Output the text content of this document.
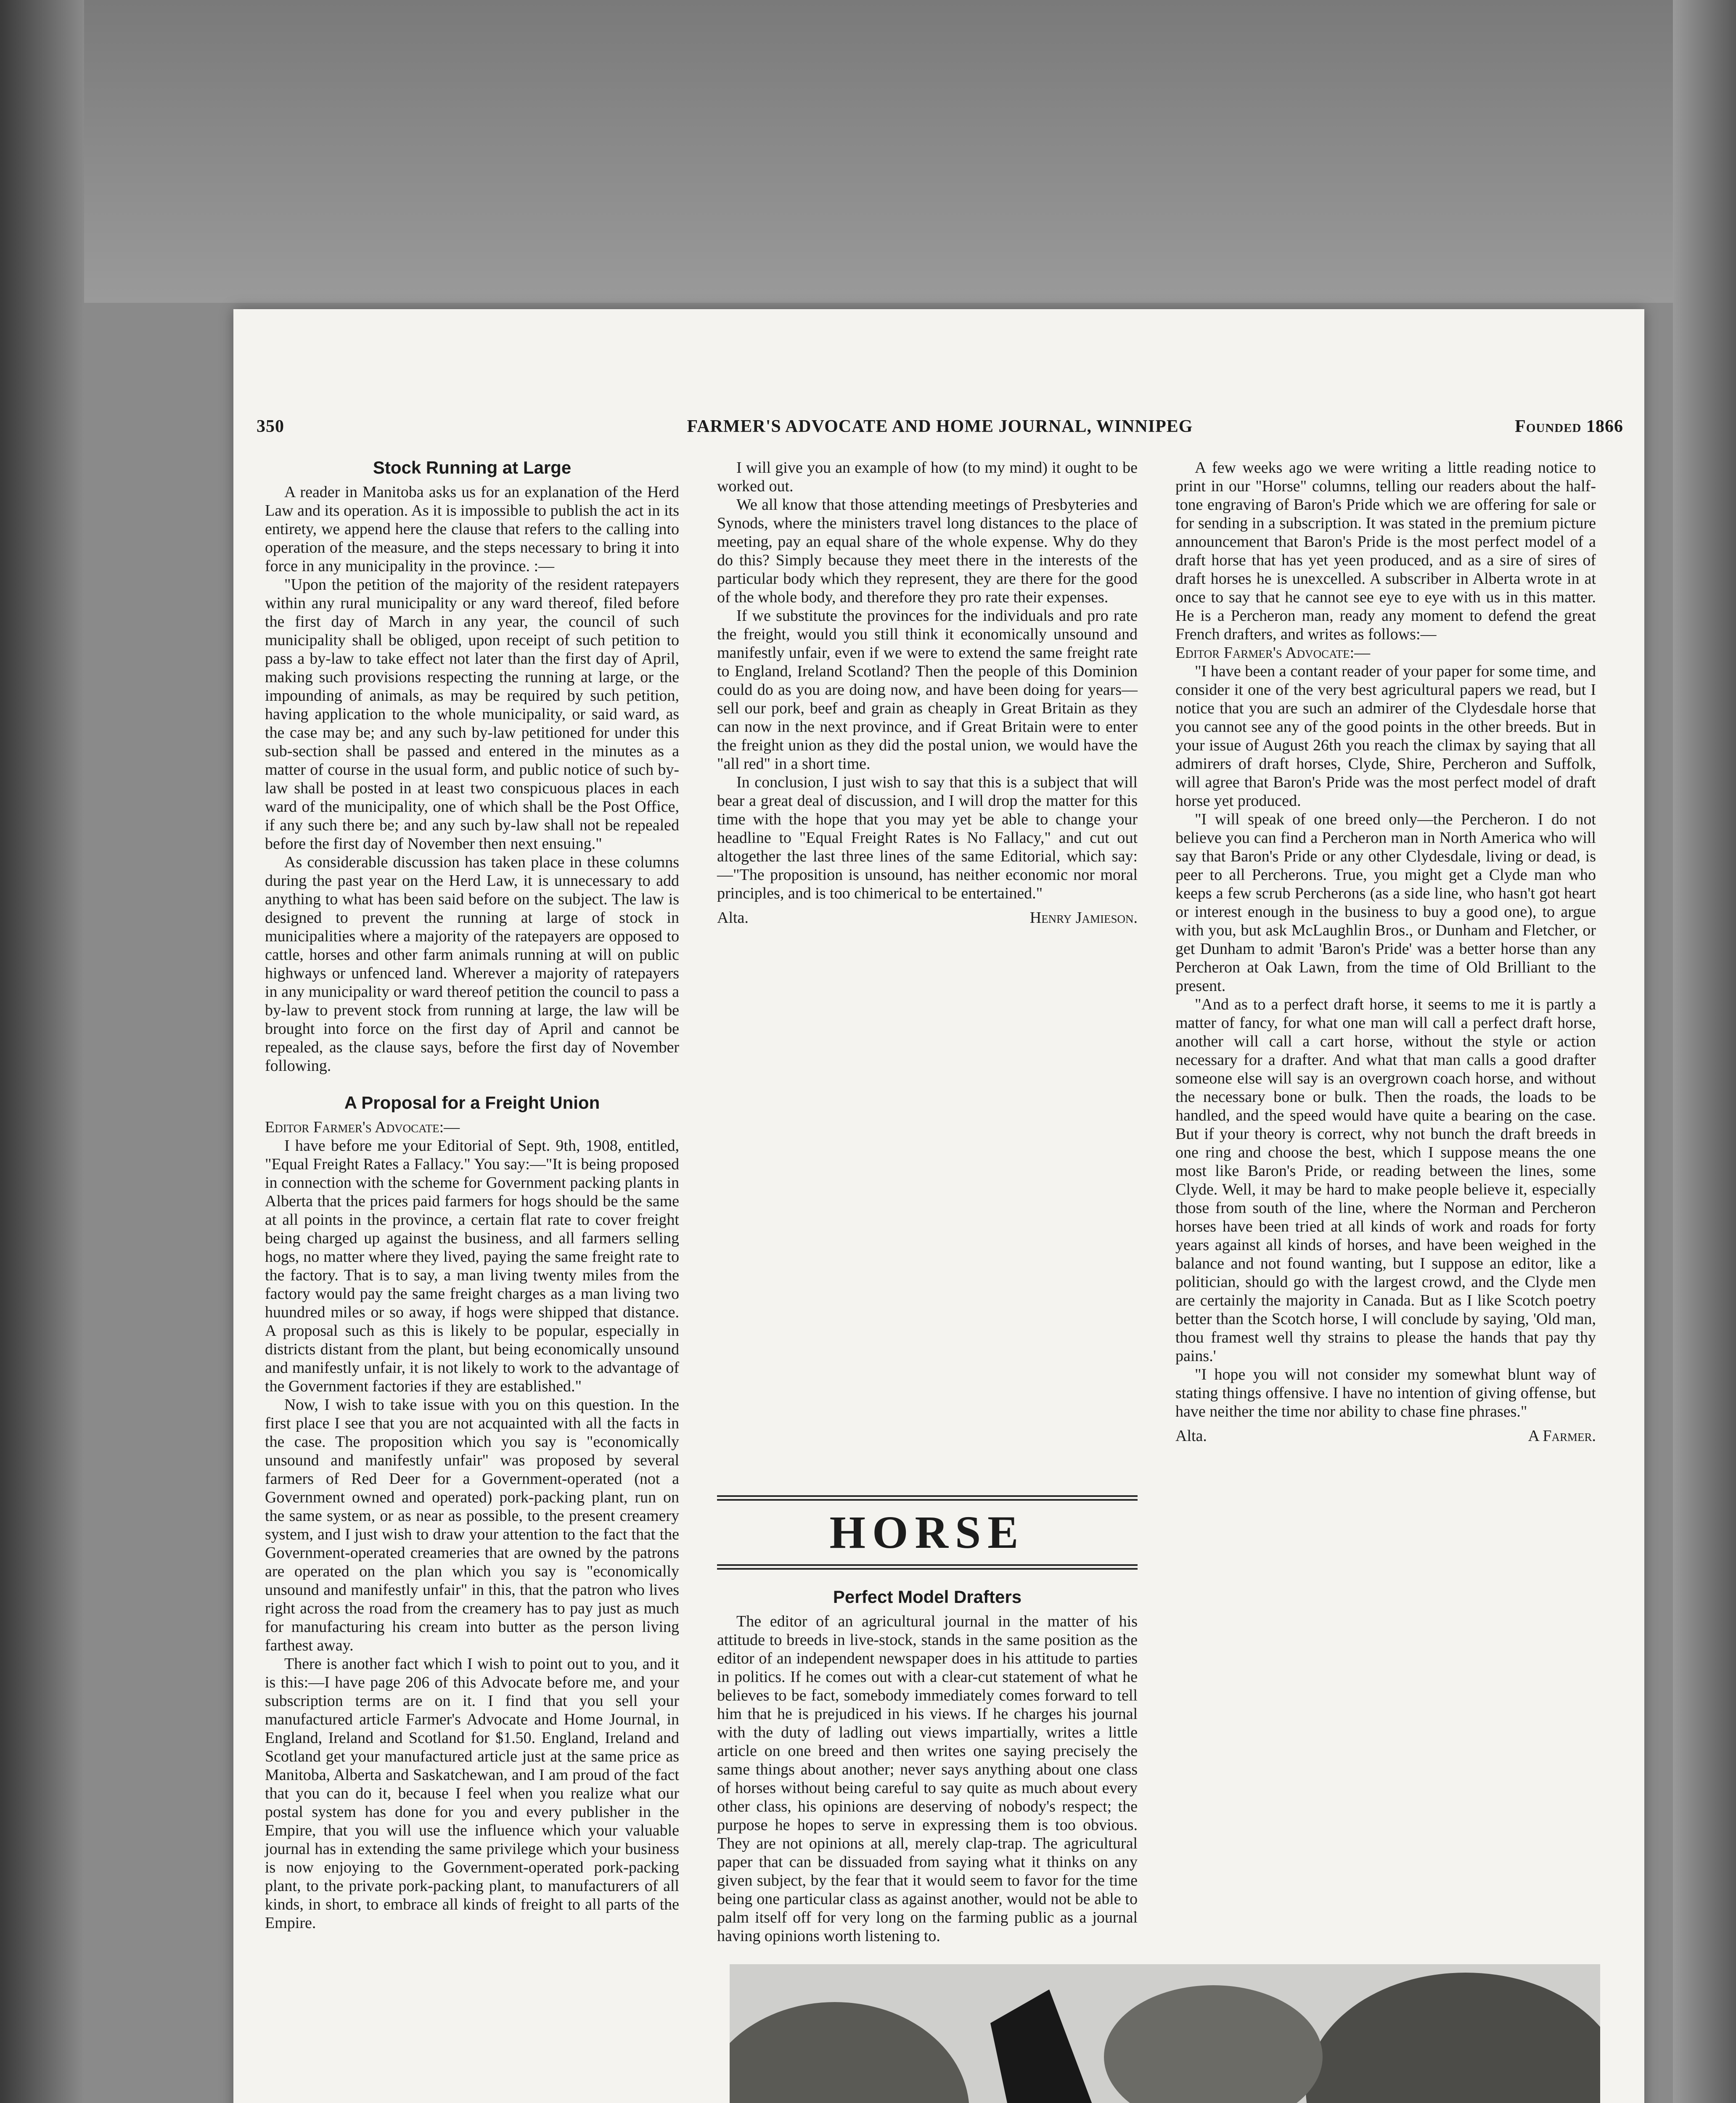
350	FARMER'S ADVOCATE AND HOME JOURNAL, WINNIPEG	Founded 1866
Stock Running at Large

A reader in Manitoba asks us for an explanation of the Herd Law and its operation. As it is impossible to publish the act in its entirety, we append here the clause that refers to the calling into operation of the measure, and the steps necessary to bring it into force in any municipality in the province. :—

"Upon the petition of the majority of the resident ratepayers within any rural municipality or any ward thereof, filed before the first day of March in any year, the council of such municipality shall be obliged, upon receipt of such petition to pass a by-law to take effect not later than the first day of April, making such provisions respecting the running at large, or the impounding of animals, as may be required by such petition, having application to the whole municipality, or said ward, as the case may be; and any such by-law petitioned for under this sub-section shall be passed and entered in the minutes as a matter of course in the usual form, and public notice of such by-law shall be posted in at least two conspicuous places in each ward of the municipality, one of which shall be the Post Office, if any such there be; and any such by-law shall not be repealed before the first day of November then next ensuing."

As considerable discussion has taken place in these columns during the past year on the Herd Law, it is unnecessary to add anything to what has been said before on the subject. The law is designed to prevent the running at large of stock in municipalities where a majority of the ratepayers are opposed to cattle, horses and other farm animals running at will on public highways or unfenced land. Wherever a majority of ratepayers in any municipality or ward thereof petition the council to pass a by-law to prevent stock from running at large, the law will be brought into force on the first day of April and cannot be repealed, as the clause says, before the first day of November following.

A Proposal for a Freight Union

Editor Farmer's Advocate:—

I have before me your Editorial of Sept. 9th, 1908, entitled, "Equal Freight Rates a Fallacy." You say:—"It is being proposed in connection with the scheme for Government packing plants in Alberta that the prices paid farmers for hogs should be the same at all points in the province, a certain flat rate to cover freight being charged up against the business, and all farmers selling hogs, no matter where they lived, paying the same freight rate to the factory. That is to say, a man living twenty miles from the factory would pay the same freight charges as a man living two huundred miles or so away, if hogs were shipped that distance. A proposal such as this is likely to be popular, especially in districts distant from the plant, but being economically unsound and manifestly unfair, it is not likely to work to the advantage of the Government factories if they are established."

Now, I wish to take issue with you on this question. In the first place I see that you are not acquainted with all the facts in the case. The proposition which you say is "economically unsound and manifestly unfair" was proposed by several farmers of Red Deer for a Government-operated (not a Government owned and operated) pork-packing plant, run on the same system, or as near as possible, to the present creamery system, and I just wish to draw your attention to the fact that the Government-operated creameries that are owned by the patrons are operated on the plan which you say is "economically unsound and manifestly unfair" in this, that the patron who lives right across the road from the creamery has to pay just as much for manufacturing his cream into butter as the person living farthest away.

There is another fact which I wish to point out to you, and it is this:—I have page 206 of this Advocate before me, and your subscription terms are on it. I find that you sell your manufactured article Farmer's Advocate and Home Journal, in England, Ireland and Scotland for $1.50. England, Ireland and Scotland get your manufactured article just at the same price as Manitoba, Alberta and Saskatchewan, and I am proud of the fact that you can do it, because I feel when you realize what our postal system has done for you and every publisher in the Empire, that you will use the influence which your valuable journal has in extending the same privilege which your business is now enjoying to the Government-operated pork-packing plant, to the private pork-packing plant, to manufacturers of all kinds, in short, to embrace all kinds of freight to all parts of the Empire.

I will give you an example of how (to my mind) it ought to be worked out.

We all know that those attending meetings of Presbyteries and Synods, where the ministers travel long distances to the place of meeting, pay an equal share of the whole expense. Why do they do this? Simply because they meet there in the interests of the particular body which they represent, they are there for the good of the whole body, and therefore they pro rate their expenses.

If we substitute the provinces for the individuals and pro rate the freight, would you still think it economically unsound and manifestly unfair, even if we were to extend the same freight rate to England, Ireland Scotland? Then the people of this Dominion could do as you are doing now, and have been doing for years—sell our pork, beef and grain as cheaply in Great Britain as they can now in the next province, and if Great Britain were to enter the freight union as they did the postal union, we would have the "all red" in a short time.

In conclusion, I just wish to say that this is a subject that will bear a great deal of discussion, and I will drop the matter for this time with the hope that you may yet be able to change your headline to "Equal Freight Rates is No Fallacy," and cut out altogether the last three lines of the same Editorial, which say:—"The proposition is unsound, has neither economic nor moral principles, and is too chimerical to be entertained."

Alta.	Henry Jamieson.
HORSE
Perfect Model Drafters

The editor of an agricultural journal in the matter of his attitude to breeds in live-stock, stands in the same position as the editor of an independent newspaper does in his attitude to parties in politics. If he comes out with a clear-cut statement of what he believes to be fact, somebody immediately comes forward to tell him that he is prejudiced in his views. If he charges his journal with the duty of ladling out views impartially, writes a little article on one breed and then writes one saying precisely the same things about another; never says anything about one class of horses without being careful to say quite as much about every other class, his opinions are deserving of nobody's respect; the purpose he hopes to serve in expressing them is too obvious. They are not opinions at all, merely clap-trap. The agricultural paper that can be dissuaded from saying what it thinks on any given subject, by the fear that it would seem to favor for the time being one particular class as against another, would not be able to palm itself off for very long on the farming public as a journal having opinions worth listening to.

A few weeks ago we were writing a little reading notice to print in our "Horse" columns, telling our readers about the half-tone engraving of Baron's Pride which we are offering for sale or for sending in a subscription. It was stated in the premium picture announcement that Baron's Pride is the most perfect model of a draft horse that has yet yeen produced, and as a sire of sires of draft horses he is unexcelled. A subscriber in Alberta wrote in at once to say that he cannot see eye to eye with us in this matter. He is a Percheron man, ready any moment to defend the great French drafters, and writes as follows:—

Editor Farmer's Advocate:—

"I have been a contant reader of your paper for some time, and consider it one of the very best agricultural papers we read, but I notice that you are such an admirer of the Clydesdale horse that you cannot see any of the good points in the other breeds. But in your issue of August 26th you reach the climax by saying that all admirers of draft horses, Clyde, Shire, Percheron and Suffolk, will agree that Baron's Pride was the most perfect model of draft horse yet produced.

"I will speak of one breed only—the Percheron. I do not believe you can find a Percheron man in North America who will say that Baron's Pride or any other Clydesdale, living or dead, is peer to all Percherons. True, you might get a Clyde man who keeps a few scrub Percherons (as a side line, who hasn't got heart or interest enough in the business to buy a good one), to argue with you, but ask McLaughlin Bros., or Dunham and Fletcher, or get Dunham to admit 'Baron's Pride' was a better horse than any Percheron at Oak Lawn, from the time of Old Brilliant to the present.

"And as to a perfect draft horse, it seems to me it is partly a matter of fancy, for what one man will call a perfect draft horse, another will call a cart horse, without the style or action necessary for a drafter. And what that man calls a good drafter someone else will say is an overgrown coach horse, and without the necessary bone or bulk. Then the roads, the loads to be handled, and the speed would have quite a bearing on the case. But if your theory is correct, why not bunch the draft breeds in one ring and choose the best, which I suppose means the one most like Baron's Pride, or reading between the lines, some Clyde. Well, it may be hard to make people believe it, especially those from south of the line, where the Norman and Percheron horses have been tried at all kinds of work and roads for forty years against all kinds of horses, and have been weighed in the balance and not found wanting, but I suppose an editor, like a politician, should go with the largest crowd, and the Clyde men are certainly the majority in Canada. But as I like Scotch poetry better than the Scotch horse, I will conclude by saying, 'Old man, thou framest well thy strains to please the hands that pay thy pains.'

"I hope you will not consider my somewhat blunt way of stating things offensive. I have no intention of giving offense, but have neither the time nor ability to chase fine phrases."

Alta.	A Farmer.
